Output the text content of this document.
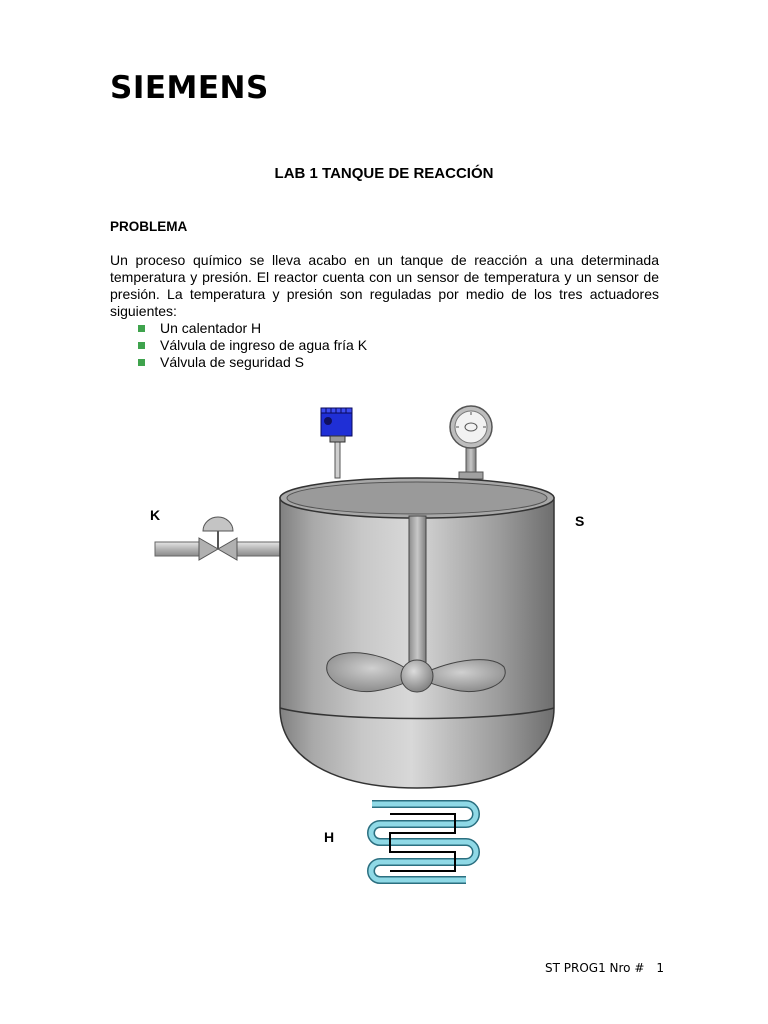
SIEMENS
LAB 1 TANQUE DE REACCIÓN
PROBLEMA
Un proceso químico se lleva acabo en un tanque de reacción a una determinada temperatura y presión. El reactor cuenta con un sensor de temperatura y un sensor de presión. La temperatura y presión son reguladas por medio de los tres actuadores siguientes:
Un calentador H
Válvula de ingreso de agua fría K
Válvula de seguridad S
K	S
H
ST PROG1 Nro # 1
